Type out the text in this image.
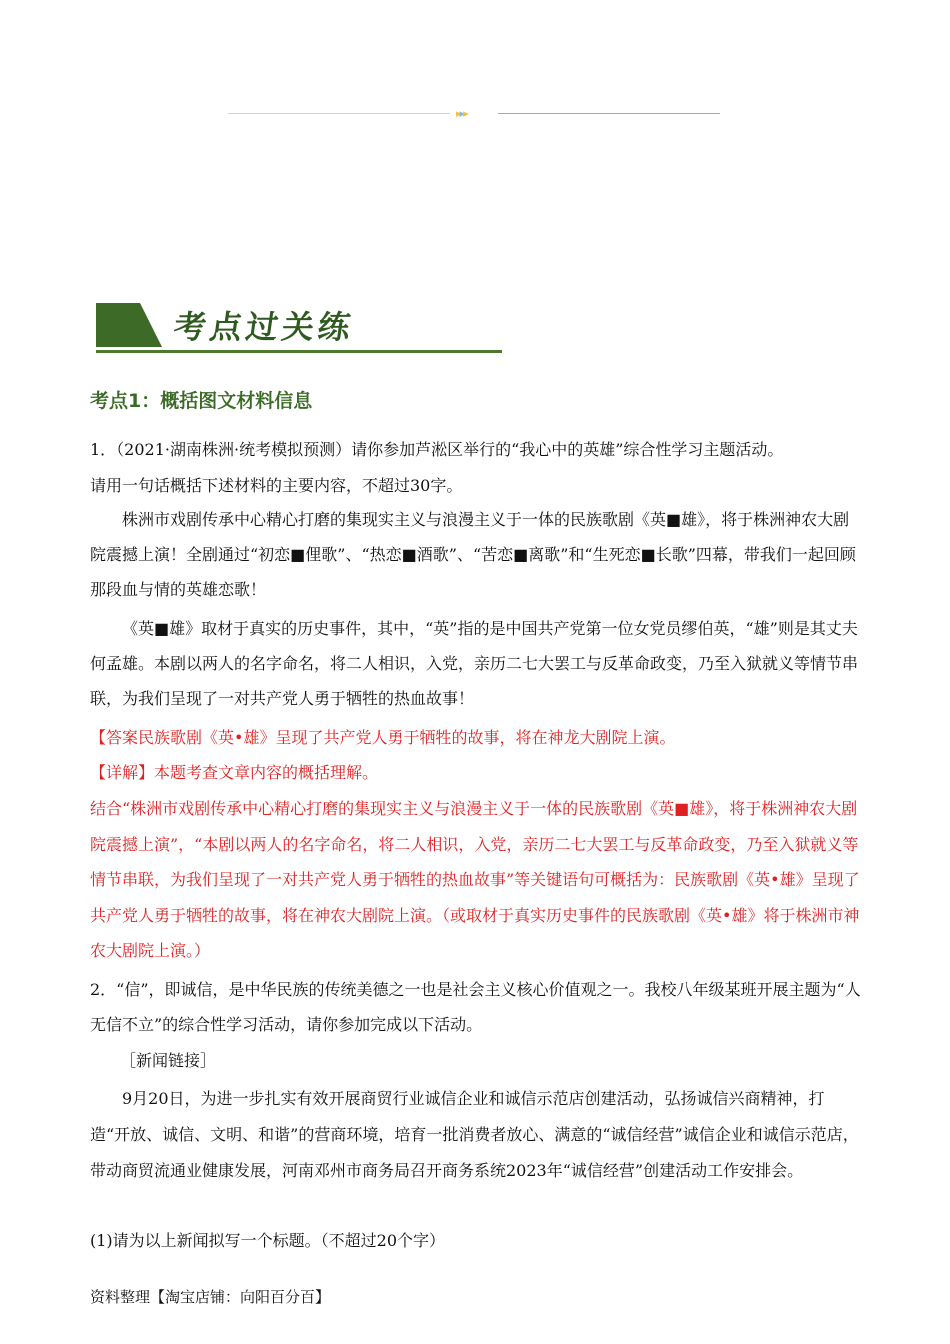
▸▸▸
考点过关练
考点1：概括图文材料信息
1．（2021·湖南株洲·统考模拟预测）请你参加芦淞区举行的“我心中的英雄”综合性学习主题活动。
请用一句话概括下述材料的主要内容，不超过30字。
株洲市戏剧传承中心精心打磨的集现实主义与浪漫主义于一体的民族歌剧《英■雄》，将于株洲神农大剧院震撼上演！全剧通过“初恋■俚歌”、“热恋■酒歌”、“苦恋■离歌”和“生死恋■长歌”四幕，带我们一起回顾那段血与情的英雄恋歌！
《英■雄》取材于真实的历史事件，其中，“英”指的是中国共产党第一位女党员缪伯英，“雄”则是其丈夫何孟雄。本剧以两人的名字命名，将二人相识，入党，亲历二七大罢工与反革命政变，乃至入狱就义等情节串联，为我们呈现了一对共产党人勇于牺牲的热血故事！
【答案民族歌剧《英•雄》呈现了共产党人勇于牺牲的故事，将在神龙大剧院上演。
【详解】本题考查文章内容的概括理解。
结合“株洲市戏剧传承中心精心打磨的集现实主义与浪漫主义于一体的民族歌剧《英■雄》，将于株洲神农大剧院震撼上演”，“本剧以两人的名字命名，将二人相识，入党，亲历二七大罢工与反革命政变，乃至入狱就义等情节串联，为我们呈现了一对共产党人勇于牺牲的热血故事”等关键语句可概括为：民族歌剧《英•雄》呈现了共产党人勇于牺牲的故事，将在神农大剧院上演。（或取材于真实历史事件的民族歌剧《英•雄》将于株洲市神农大剧院上演。）
2．“信”，即诚信，是中华民族的传统美德之一也是社会主义核心价值观之一。我校八年级某班开展主题为“人无信不立”的综合性学习活动，请你参加完成以下活动。
［新闻链接］
9月20日，为进一步扎实有效开展商贸行业诚信企业和诚信示范店创建活动，弘扬诚信兴商精神，打造“开放、诚信、文明、和谐”的营商环境，培育一批消费者放心、满意的“诚信经营”诚信企业和诚信示范店，带动商贸流通业健康发展，河南邓州市商务局召开商务系统2023年“诚信经营”创建活动工作安排会。
(1)请为以上新闻拟写一个标题。（不超过20个字）
资料整理【淘宝店铺：向阳百分百】
